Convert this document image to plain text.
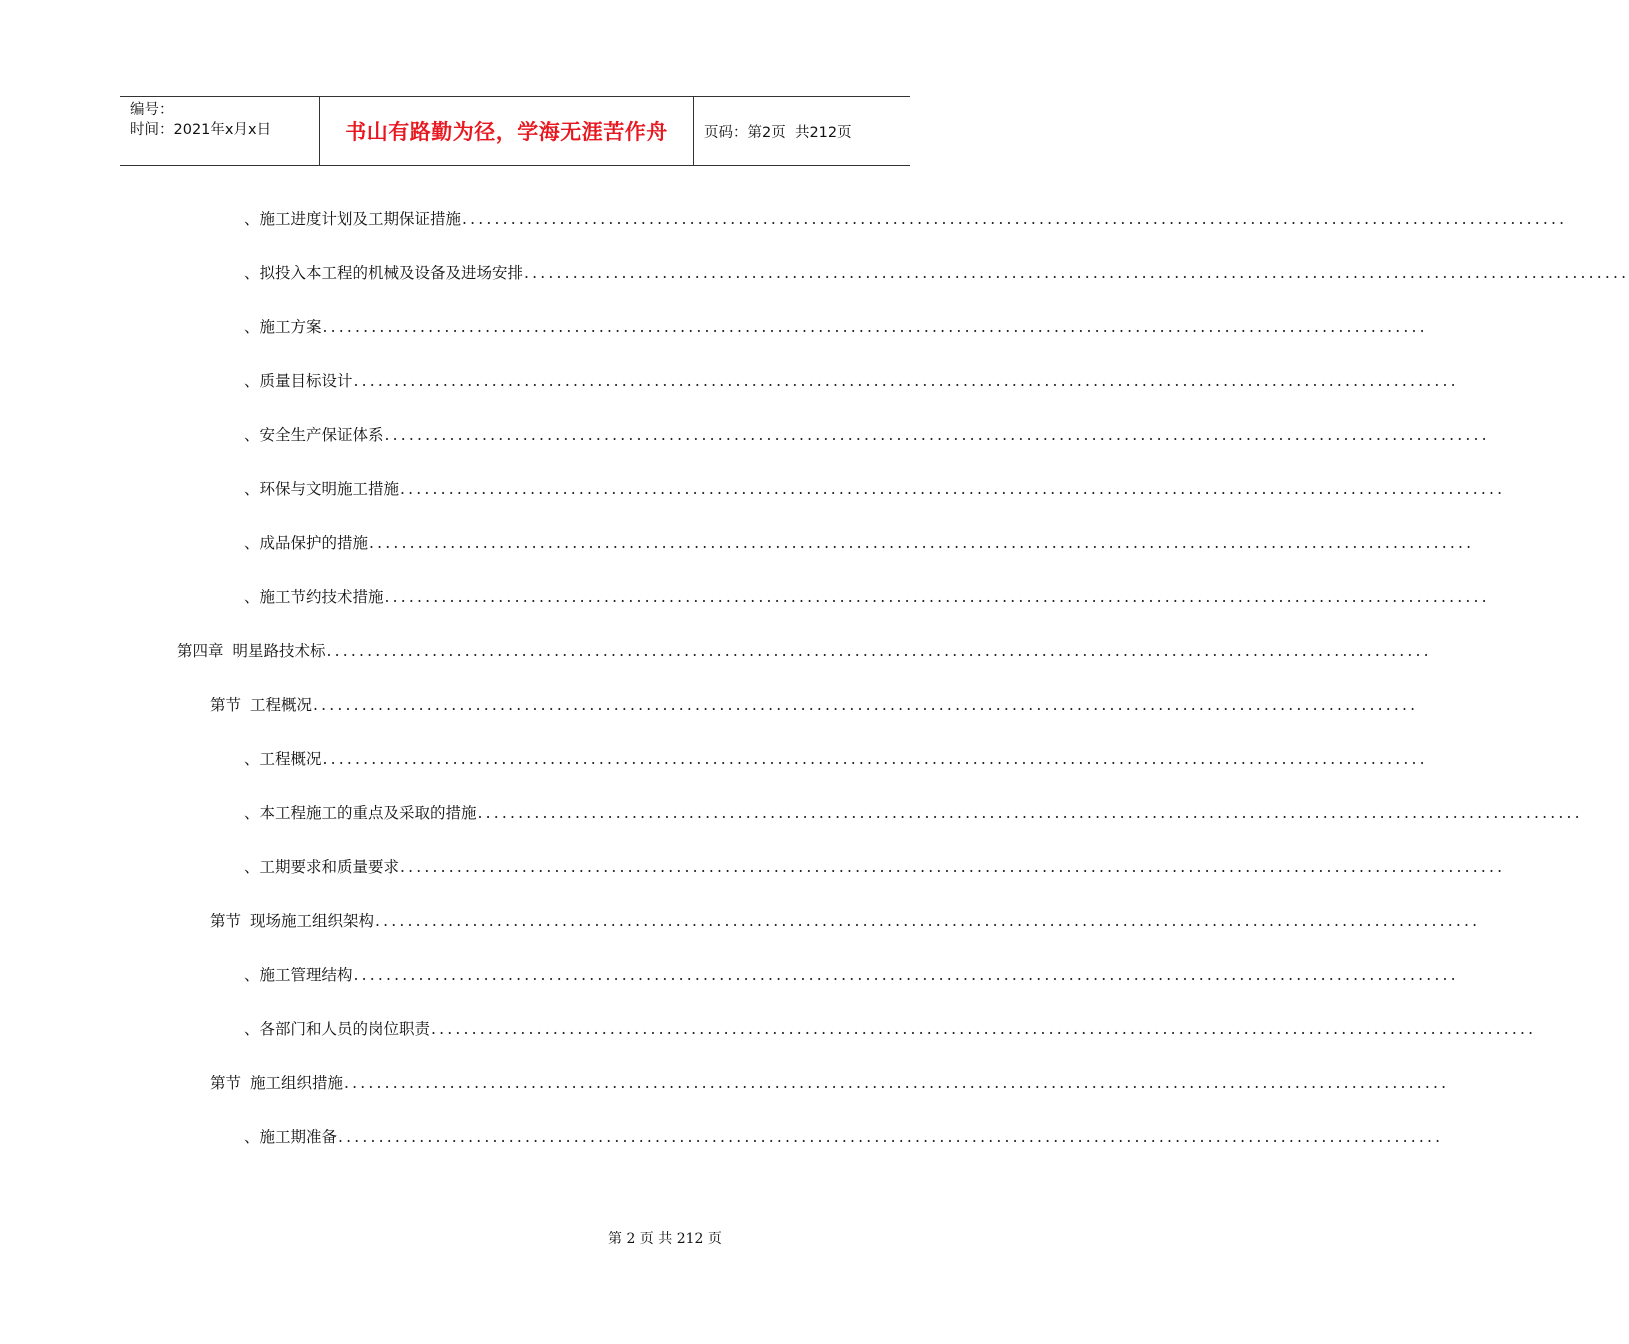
编号：
时间：2021年x月x日	书山有路勤为径，学海无涯苦作舟	页码：第2页  共212页
、 施工进度计划及工期保证措施 ........................................................................................................................................
、 拟投入本工程的机械及设备及进场安排 ........................................................................................................................................
、 施工方案 ........................................................................................................................................
、 质量目标设计 ........................................................................................................................................
、 安全生产保证体系 ........................................................................................................................................
、 环保与文明施工措施 ........................................................................................................................................
、 成品保护的措施 ........................................................................................................................................
、 施工节约技术措施 ........................................................................................................................................
第四章 明星路技术标 ........................................................................................................................................
第节 工程概况 ........................................................................................................................................
、 工程概况 ........................................................................................................................................
、 本工程施工的重点及采取的措施 ........................................................................................................................................
、 工期要求和质量要求 ........................................................................................................................................
第节 现场施工组织架构 ........................................................................................................................................
、 施工管理结构 ........................................................................................................................................
、 各部门和人员的岗位职责 ........................................................................................................................................
第节 施工组织措施 ........................................................................................................................................
、 施工期准备 ........................................................................................................................................
第 2 页 共 212 页
